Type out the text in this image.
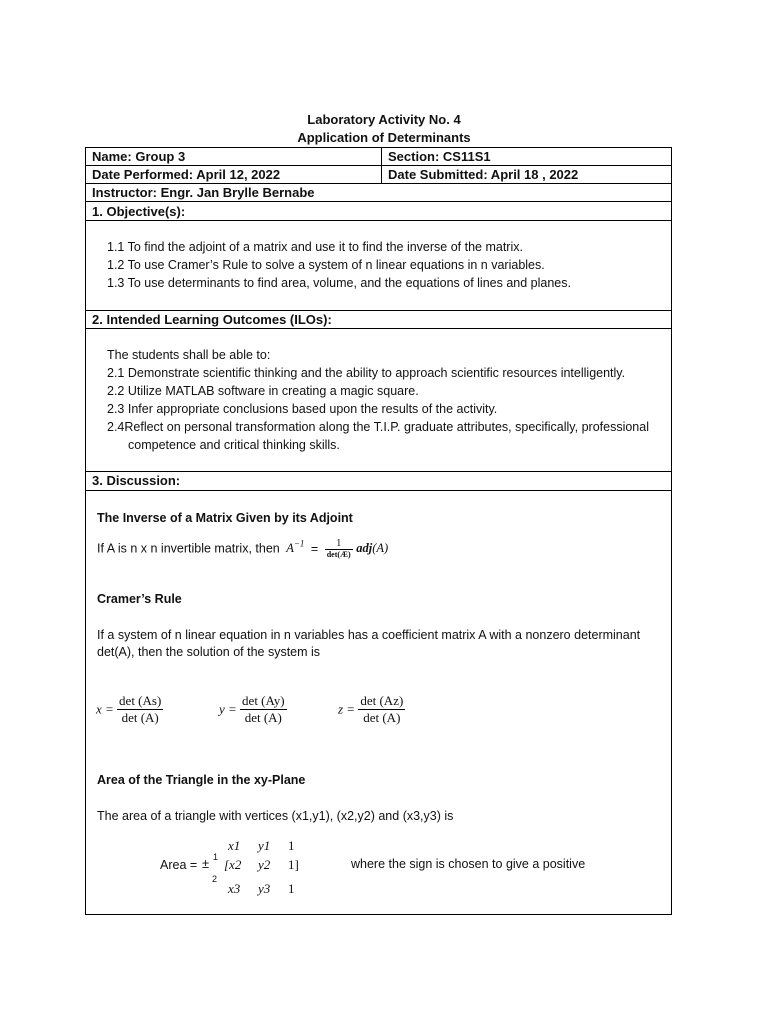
Laboratory Activity No. 4
Application of Determinants
Name: Group 3	Section: CS11S1
Date Performed: April 12, 2022	Date Submitted: April 18 , 2022
Instructor: Engr. Jan Brylle Bernabe
1. Objective(s):
1.1 To find the adjoint of a matrix and use it to find the inverse of the matrix.
1.2 To use Cramer’s Rule to solve a system of n linear equations in n variables.
1.3 To use determinants to find area, volume, and the equations of lines and planes.
2. Intended Learning Outcomes (ILOs):
The students shall be able to:
2.1 Demonstrate scientific thinking and the ability to approach scientific resources intelligently.
2.2 Utilize MATLAB software in creating a magic square.
2.3 Infer appropriate conclusions based upon the results of the activity.
2.4Reflect on personal transformation along the T.I.P. graduate attributes, specifically, professional
competence and critical thinking skills.
3. Discussion:
The Inverse of a Matrix Given by its Adjoint
If A is n x n invertible matrix, then $A^{-1} = \frac{1}{\det(Æ)} adj(A)$
Cramer’s Rule
If a system of n linear equation in n variables has a coefficient matrix A with a nonzero determinant
det(A), then the solution of the system is
$x = \frac{\det (As)}{\det (A)}$	$y = \frac{\det (Ay)}{\det (A)}$	$z = \frac{\det (Az)}{\det (A)}$
Area of the Triangle in the xy-Plane
The area of a triangle with vertices (x1,y1), (x2,y2) and (x3,y3) is
Area = ± 1
2
x1 y1 1
[x2 y2 1]
x3 y3 1
where the sign is chosen to give a positive
